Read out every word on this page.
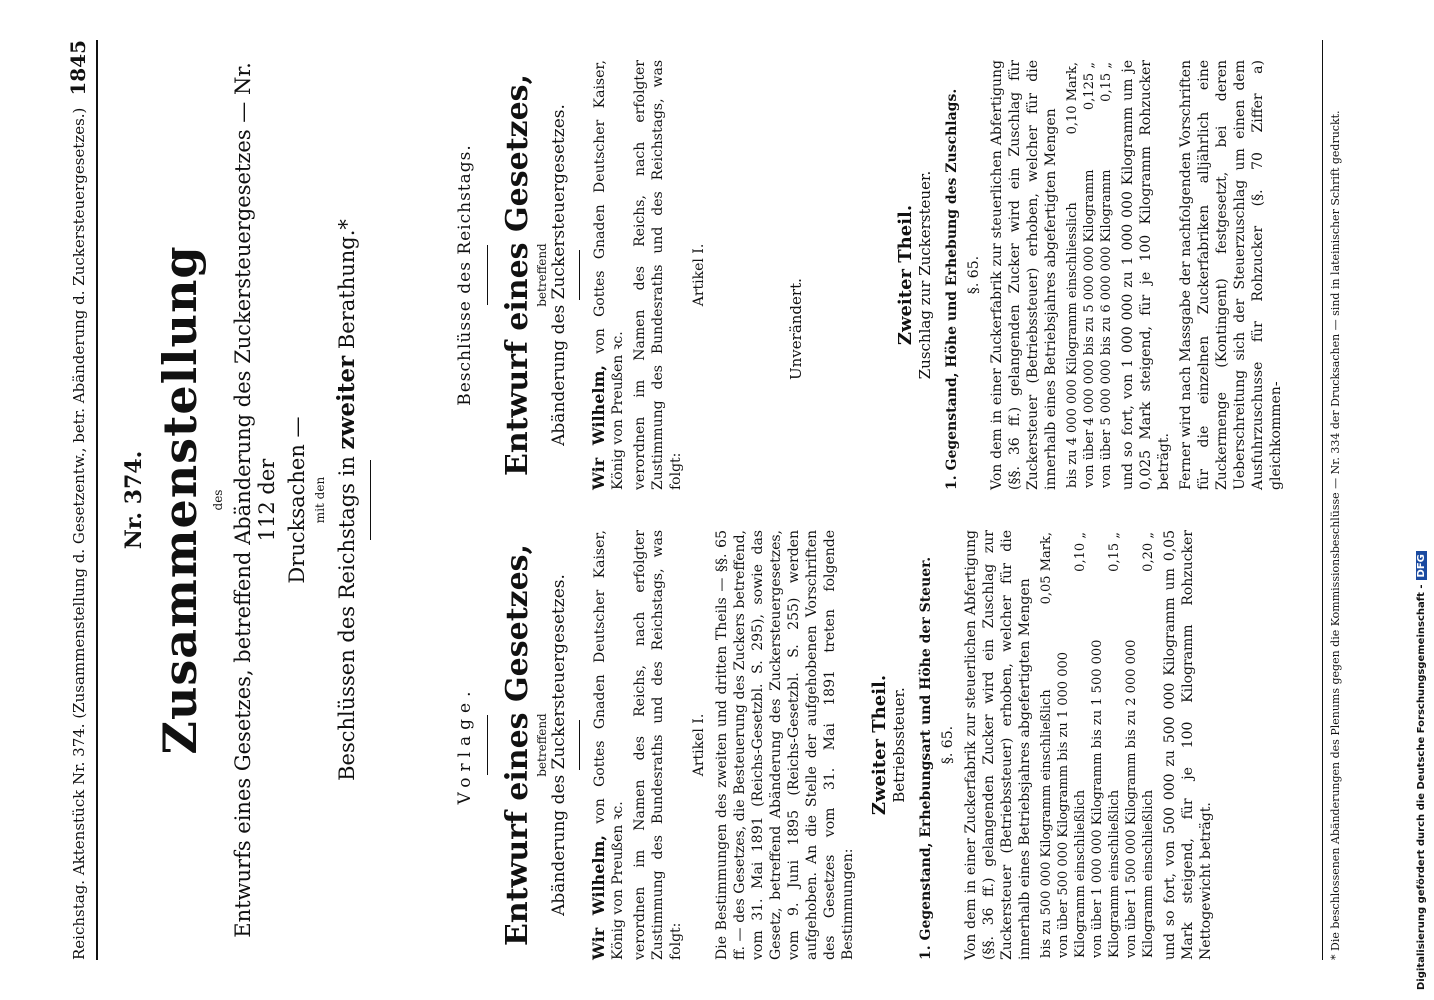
Reichstag. Aktenstück Nr. 374. (Zusammenstellung d. Gesetzentw., betr. Abänderung d. Zuckersteuergesetzes.)
1845
Nr. 374. Zusammenstellung des Entwurfs eines Gesetzes, betreffend Abänderung des Zuckersteuergesetzes — Nr. 112 der Drucksachen — mit den Beschlüssen des Reichstags in zweiter Berathung.*
Vorlage. Entwurf eines Gesetzes, betreffend Abänderung des Zuckersteuergesetzes. Wir Wilhelm, von Gottes Gnaden Deutscher Kaiser, König von Preußen ꝛc. verordnen im Namen des Reichs, nach erfolgter Zustimmung des Bundesraths und des Reichstags, was folgt:
Artikel I. Die Bestimmungen des zweiten und dritten Theils — §§. 65 ff. — des Gesetzes, die Besteuerung des Zuckers betreffend, vom 31. Mai 1891 (Reichs-Gesetzbl. S. 295), sowie das Gesetz, betreffend Abänderung des Zuckersteuergesetzes, vom 9. Juni 1895 (Reichs-Gesetzbl. S. 255) werden aufgehoben. An die Stelle der aufgehobenen Vorschriften des Gesetzes vom 31. Mai 1891 treten folgende Bestimmungen:
Zweiter Theil. Betriebssteuer. 1. Gegenstand, Erhebungsart und Höhe der Steuer. §. 65. Von dem in einer Zuckerfabrik zur steuerlichen Abfertigung (§§. 36 ff.) gelangenden Zucker wird ein Zuschlag zur Zuckersteuer (Betriebssteuer) erhoben, welcher für die innerhalb eines Betriebsjahres abgefertigten Mengen bis zu 500 000 Kilogramm einschließlich	0,05 Mark,
von über 500 000 Kilogramm bis zu 1 000 000 Kilogramm einschließlich	0,10 „
von über 1 000 000 Kilogramm bis zu 1 500 000 Kilogramm einschließlich	0,15 „
von über 1 500 000 Kilogramm bis zu 2 000 000 Kilogramm einschließlich	0,20 „ und so fort, von 500 000 zu 500 000 Kilogramm um 0,05 Mark steigend, für je 100 Kilogramm Rohzucker Nettogewicht beträgt.
Beschlüsse des Reichstags. Entwurf eines Gesetzes, betreffend Abänderung des Zuckersteuergesetzes. Wir Wilhelm, von Gottes Gnaden Deutscher Kaiser, König von Preußen ꝛc. verordnen im Namen des Reichs, nach erfolgter Zustimmung des Bundesraths und des Reichstags, was folgt:
Artikel I.
Unverändert.	Zweiter Theil. Zuschlag zur Zuckersteuer. 1. Gegenstand, Höhe und Erhebung des Zuschlags. §. 65. Von dem in einer Zuckerfabrik zur steuerlichen Abfertigung (§§. 36 ff.) gelangenden Zucker wird ein Zuschlag für Zuckersteuer (Betriebssteuer) erhoben, welcher für die innerhalb eines Betriebsjahres abgefertigten Mengen bis zu 4 000 000 Kilogramm einschliesslich	0,10 Mark,
von über 4 000 000 bis zu 5 000 000 Kilogramm	0,125 „
von über 5 000 000 bis zu 6 000 000 Kilogramm	0,15 „ und so fort, von 1 000 000 zu 1 000 000 Kilogramm um je 0,025 Mark steigend, für je 100 Kilogramm Rohzucker beträgt. Ferner wird nach Massgabe der nachfolgenden Vorschriften für die einzelnen Zuckerfabriken alljährlich eine Zuckermenge (Kontingent) festgesetzt, bei deren Ueberschreitung sich der Steuerzuschlag um einen dem Ausfuhrzuschusse für Rohzucker (§. 70 Ziffer a) gleichkommen-	* Die beschlossenen Abänderungen des Plenums gegen die Kommissionsbeschlüsse — Nr. 334 der Drucksachen — sind in lateinischer Schrift gedruckt.	Digitalisierung gefördert durch die Deutsche Forschungsgemeinschaft -DFG
